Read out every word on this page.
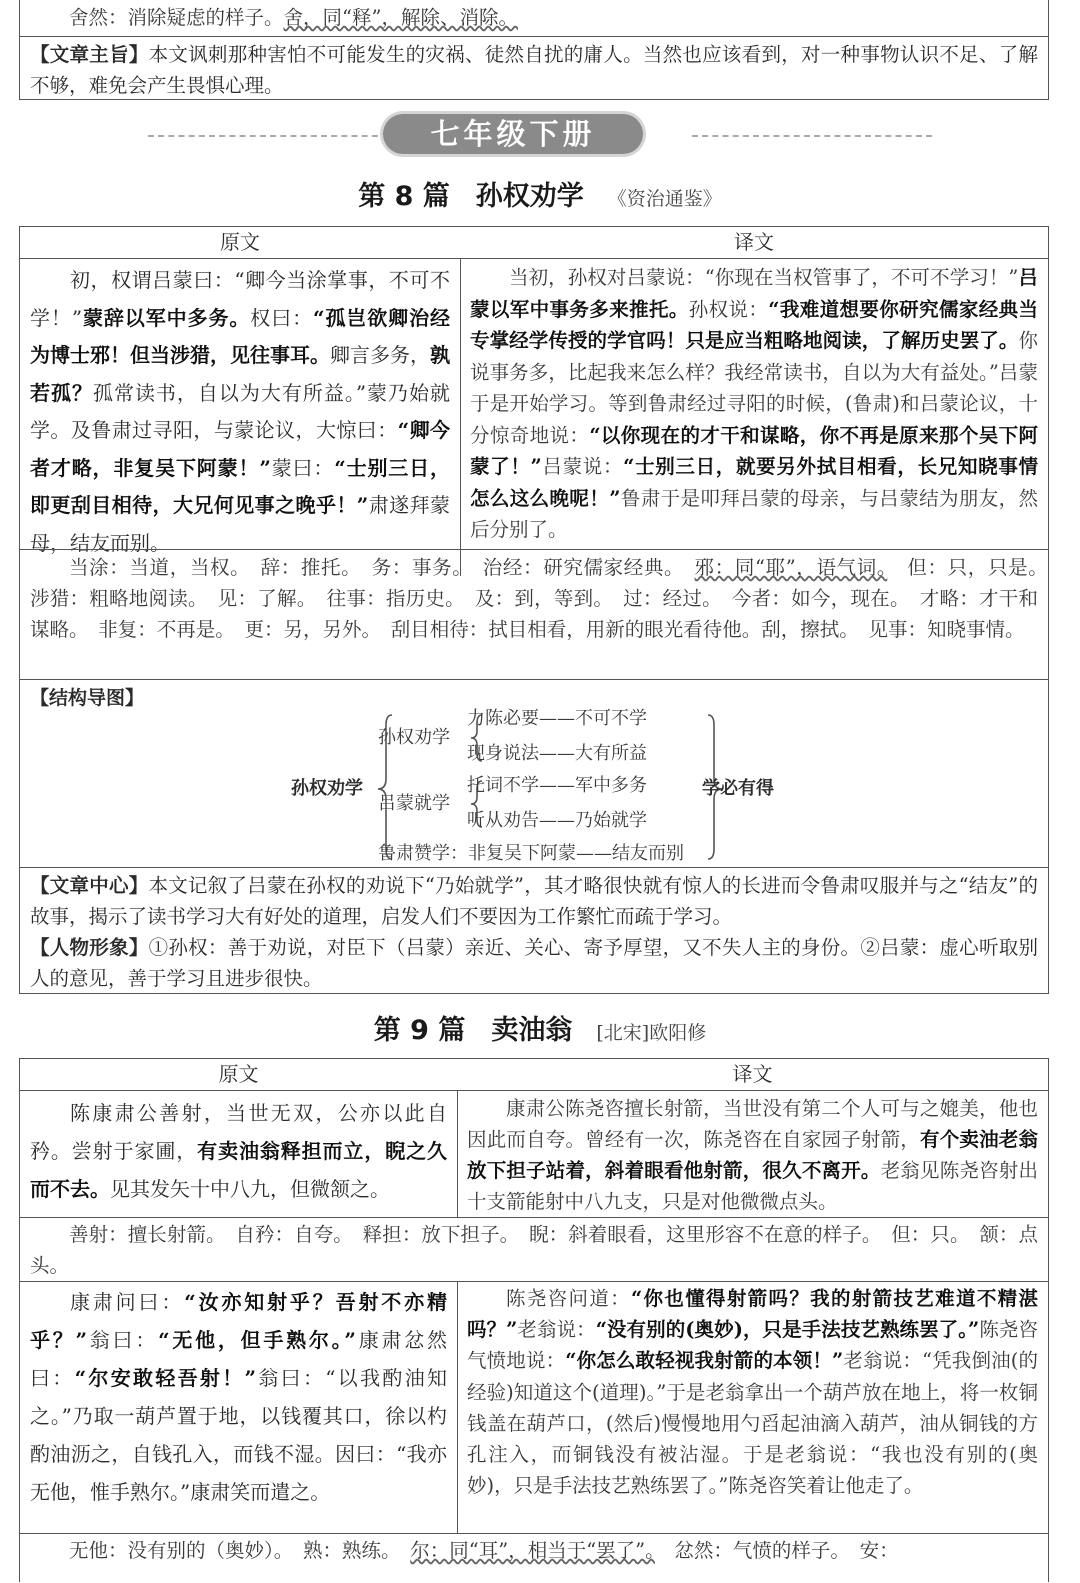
舍然：消除疑虑的样子。舍，同“释”，解除、消除。

【文章主旨】本文讽刺那种害怕不可能发生的灾祸、徒然自扰的庸人。当然也应该看到，对一种事物认识不足、了解不够，难免会产生畏惧心理。

七年级下册
第 8 篇 孙权劝学 《资治通鉴》
原文	译文

初，权谓吕蒙曰：“卿今当涂掌事，不可不学！”蒙辞以军中多务。权曰：“孤岂欲卿治经为博士邪！但当涉猎，见往事耳。卿言多务，孰若孤？孤常读书，自以为大有所益。”蒙乃始就学。及鲁肃过寻阳，与蒙论议，大惊曰：“卿今者才略，非复吴下阿蒙！”蒙曰：“士别三日，即更刮目相待，大兄何见事之晚乎！”肃遂拜蒙母，结友而别。

当初，孙权对吕蒙说：“你现在当权管事了，不可不学习！”吕蒙以军中事务多来推托。孙权说：“我难道想要你研究儒家经典当专掌经学传授的学官吗！只是应当粗略地阅读，了解历史罢了。你说事务多，比起我来怎么样？我经常读书，自以为大有益处。”吕蒙于是开始学习。等到鲁肃经过寻阳的时候，(鲁肃)和吕蒙论议，十分惊奇地说：“以你现在的才干和谋略，你不再是原来那个吴下阿蒙了！”吕蒙说：“士别三日，就要另外拭目相看，长兄知晓事情怎么这么晚呢！”鲁肃于是叩拜吕蒙的母亲，与吕蒙结为朋友，然后分别了。

当涂：当道，当权。　辞：推托。　务：事务。　治经：研究儒家经典。　邪：同“耶”，语气词。　但：只，只是。　涉猎：粗略地阅读。　见：了解。　往事：指历史。　及：到，等到。　过：经过。　今者：如今，现在。　才略：才干和谋略。　非复：不再是。　更：另，另外。　刮目相待：拭目相看，用新的眼光看待他。刮，擦拭。　见事：知晓事情。

【结构导图】
孙权劝学
孙权劝学
力陈必要——不可不学
现身说法——大有所益
吕蒙就学
托词不学——军中多务
听从劝告——乃始就学
鲁肃赞学：非复吴下阿蒙——结友而别
学必有得

【文章中心】本文记叙了吕蒙在孙权的劝说下“乃始就学”，其才略很快就有惊人的长进而令鲁肃叹服并与之“结友”的故事，揭示了读书学习大有好处的道理，启发人们不要因为工作繁忙而疏于学习。

【人物形象】①孙权：善于劝说，对臣下（吕蒙）亲近、关心、寄予厚望，又不失人主的身份。②吕蒙：虚心听取别人的意见，善于学习且进步很快。

第 9 篇 卖油翁 [北宋]欧阳修
原文	译文

陈康肃公善射，当世无双，公亦以此自矜。尝射于家圃，有卖油翁释担而立，睨之久而不去。见其发矢十中八九，但微颔之。

康肃公陈尧咨擅长射箭，当世没有第二个人可与之媲美，他也因此而自夸。曾经有一次，陈尧咨在自家园子射箭，有个卖油老翁放下担子站着，斜着眼看他射箭，很久不离开。老翁见陈尧咨射出十支箭能射中八九支，只是对他微微点头。

善射：擅长射箭。　自矜：自夸。　释担：放下担子。　睨：斜着眼看，这里形容不在意的样子。　但：只。　颔：点头。

康肃问曰：“汝亦知射乎？吾射不亦精乎？”翁曰：“无他，但手熟尔。”康肃忿然曰：“尔安敢轻吾射！”翁曰：“以我酌油知之。”乃取一葫芦置于地，以钱覆其口，徐以杓酌油沥之，自钱孔入，而钱不湿。因曰：“我亦无他，惟手熟尔。”康肃笑而遣之。

陈尧咨问道：“你也懂得射箭吗？我的射箭技艺难道不精湛吗？”老翁说：“没有别的(奥妙)，只是手法技艺熟练罢了。”陈尧咨气愤地说：“你怎么敢轻视我射箭的本领！”老翁说：“凭我倒油(的经验)知道这个(道理)。”于是老翁拿出一个葫芦放在地上，将一枚铜钱盖在葫芦口，(然后)慢慢地用勺舀起油滴入葫芦，油从铜钱的方孔注入，而铜钱没有被沾湿。于是老翁说：“我也没有别的(奥妙)，只是手法技艺熟练罢了。”陈尧咨笑着让他走了。

无他：没有别的（奥妙）。　熟：熟练。　尔：同“耳”，相当于“罢了”。　忿然：气愤的样子。　安：
